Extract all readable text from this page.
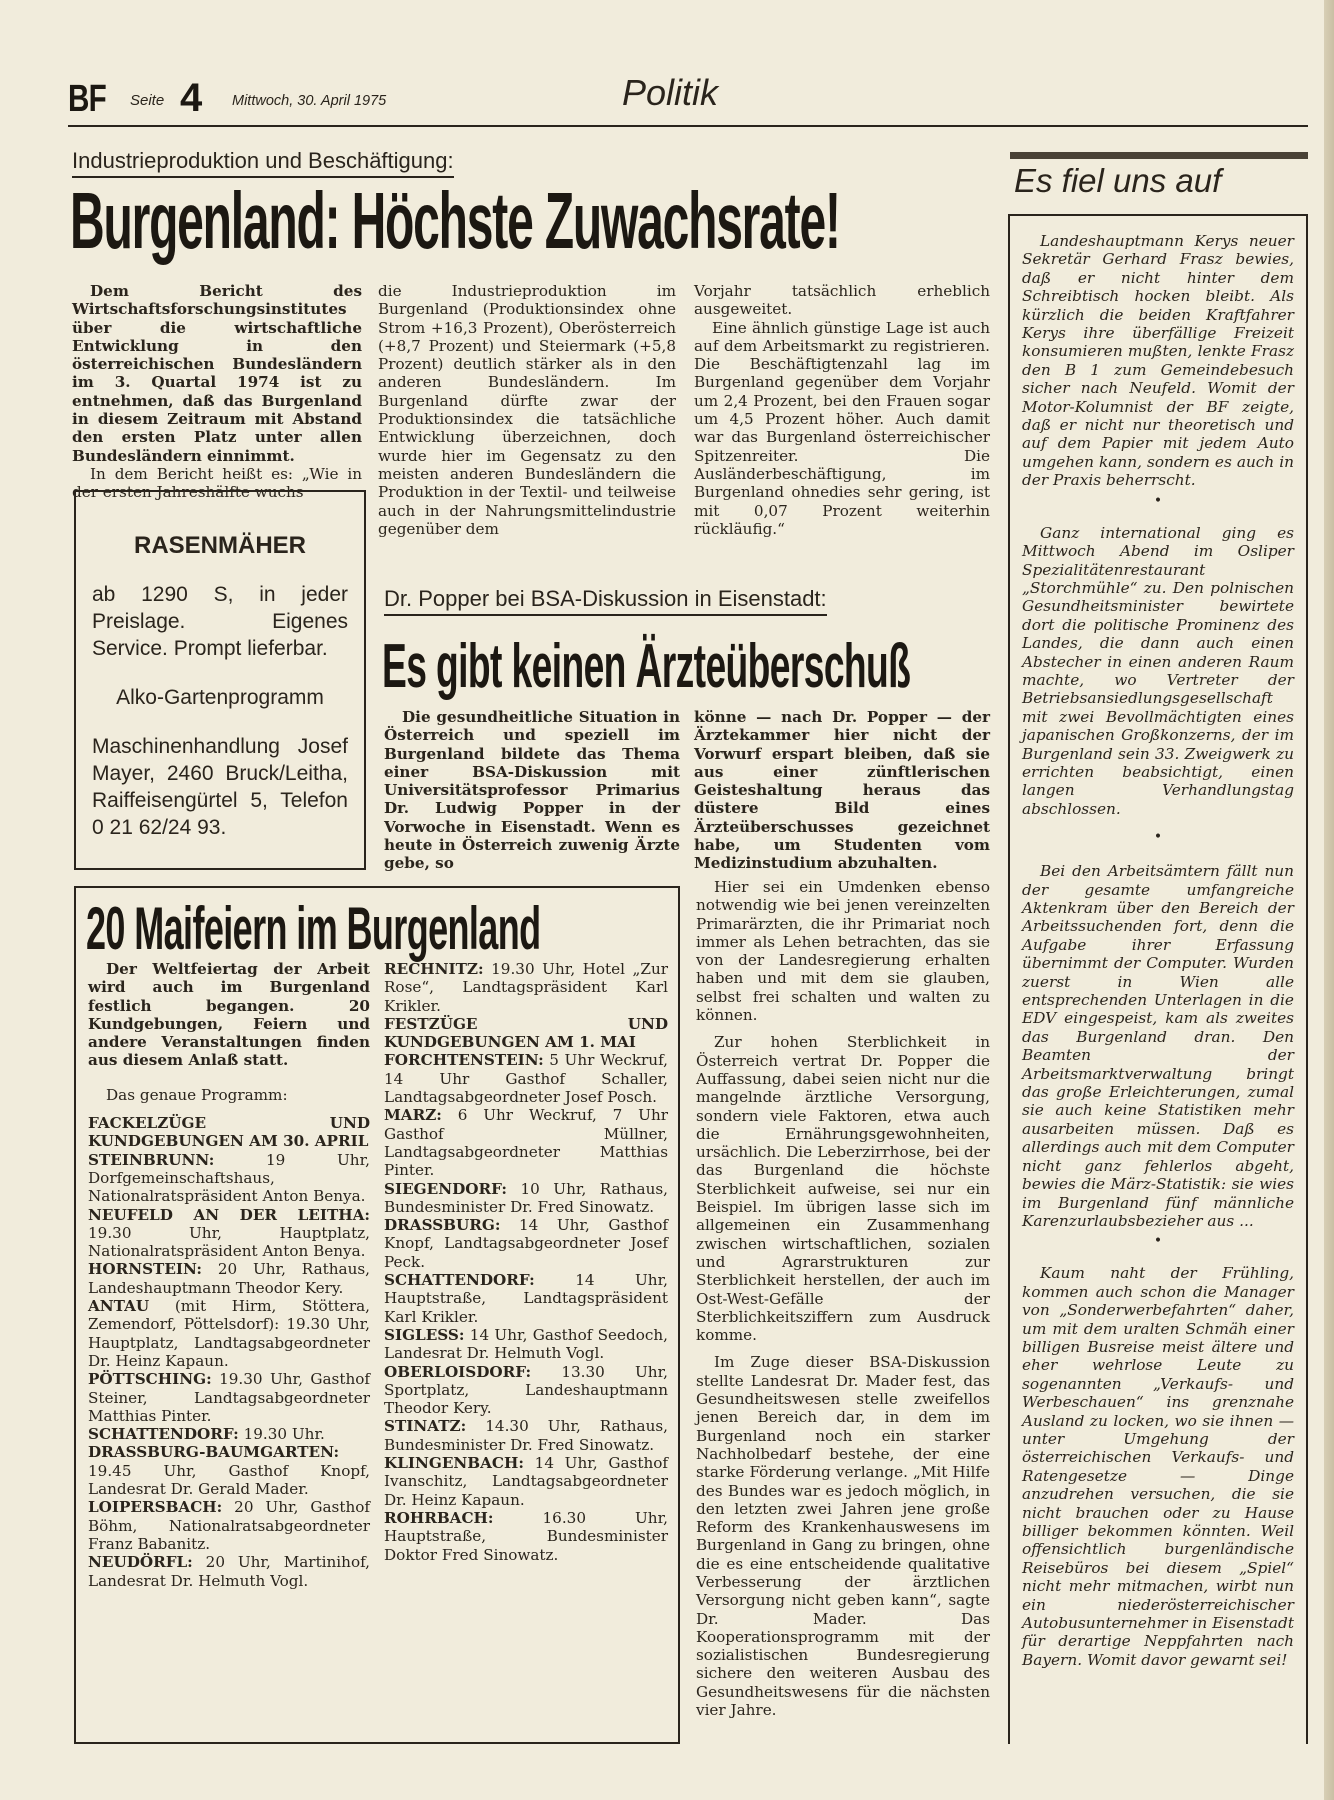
BF Seite 4 Mittwoch, 30. April 1975	Politik
Industrieproduktion und Beschäftigung:
Burgenland: Höchste Zuwachsrate!

Dem Bericht des Wirtschaftsforschungsinstitutes über die wirtschaftliche Entwicklung in den österreichischen Bundesländern im 3. Quartal 1974 ist zu entnehmen, daß das Burgenland in diesem Zeitraum mit Abstand den ersten Platz unter allen Bundesländern einnimmt.

In dem Bericht heißt es: „Wie in der ersten Jahreshälfte wuchs

die Industrieproduktion im Burgenland (Produktionsindex ohne Strom +16,3 Prozent), Oberösterreich (+8,7 Prozent) und Steiermark (+5,8 Prozent) deutlich stärker als in den anderen Bundesländern. Im Burgenland dürfte zwar der Produktionsindex die tatsächliche Entwicklung überzeichnen, doch wurde hier im Gegensatz zu den meisten anderen Bundesländern die Produktion in der Textil- und teilweise auch in der Nahrungsmittelindustrie gegenüber dem

Vorjahr tatsächlich erheblich ausgeweitet.

Eine ähnlich günstige Lage ist auch auf dem Arbeitsmarkt zu registrieren. Die Beschäftigtenzahl lag im Burgenland gegenüber dem Vorjahr um 2,4 Prozent, bei den Frauen sogar um 4,5 Prozent höher. Auch damit war das Burgenland österreichischer Spitzenreiter. Die Ausländerbeschäftigung, im Burgenland ohnedies sehr gering, ist mit 0,07 Prozent weiterhin rückläufig.“

RASENMÄHER
ab 1290 S, in jeder Preislage. Eigenes Service. Prompt lieferbar.
Alko-Gartenprogramm
Maschinenhandlung Josef Mayer, 2460 Bruck/Leitha, Raiffeisengürtel 5, Telefon 0 21 62/24 93.
Dr. Popper bei BSA-Diskussion in Eisenstadt:
Es gibt keinen Ärzteüberschuß

Die gesundheitliche Situation in Österreich und speziell im Burgenland bildete das Thema einer BSA-Diskussion mit Universitätsprofessor Primarius Dr. Ludwig Popper in der Vorwoche in Eisenstadt. Wenn es heute in Österreich zuwenig Ärzte gebe, so

könne — nach Dr. Popper — der Ärztekammer hier nicht der Vorwurf erspart bleiben, daß sie aus einer zünftlerischen Geisteshaltung heraus das düstere Bild eines Ärzteüberschusses gezeichnet habe, um Studenten vom Medizinstudium abzuhalten.

Hier sei ein Umdenken ebenso notwendig wie bei jenen vereinzelten Primarärzten, die ihr Primariat noch immer als Lehen betrachten, das sie von der Landesregierung erhalten haben und mit dem sie glauben, selbst frei schalten und walten zu können.

Zur hohen Sterblichkeit in Österreich vertrat Dr. Popper die Auffassung, dabei seien nicht nur die mangelnde ärztliche Versorgung, sondern viele Faktoren, etwa auch die Ernährungsgewohnheiten, ursächlich. Die Leberzirrhose, bei der das Burgenland die höchste Sterblichkeit aufweise, sei nur ein Beispiel. Im übrigen lasse sich im allgemeinen ein Zusammenhang zwischen wirtschaftlichen, sozialen und Agrarstrukturen zur Sterblichkeit herstellen, der auch im Ost-West-Gefälle der Sterblichkeitsziffern zum Ausdruck komme.

Im Zuge dieser BSA-Diskussion stellte Landesrat Dr. Mader fest, das Gesundheitswesen stelle zweifellos jenen Bereich dar, in dem im Burgenland noch ein starker Nachholbedarf bestehe, der eine starke Förderung verlange. „Mit Hilfe des Bundes war es jedoch möglich, in den letzten zwei Jahren jene große Reform des Krankenhauswesens im Burgenland in Gang zu bringen, ohne die es eine entscheidende qualitative Verbesserung der ärztlichen Versorgung nicht geben kann“, sagte Dr. Mader. Das Kooperationsprogramm mit der sozialistischen Bundesregierung sichere den weiteren Ausbau des Gesundheitswesens für die nächsten vier Jahre.

20 Maifeiern im Burgenland

Der Weltfeiertag der Arbeit wird auch im Burgenland festlich begangen. 20 Kundgebungen, Feiern und andere Veranstaltungen finden aus diesem Anlaß statt.

Das genaue Programm:

FACKELZÜGE UND KUNDGEBUNGEN AM 30. APRIL

STEINBRUNN: 19 Uhr, Dorfgemeinschaftshaus, Nationalratspräsident Anton Benya.

NEUFELD AN DER LEITHA: 19.30 Uhr, Hauptplatz, Nationalratspräsident Anton Benya.

HORNSTEIN: 20 Uhr, Rathaus, Landeshauptmann Theodor Kery.

ANTAU (mit Hirm, Stöttera, Zemendorf, Pöttelsdorf): 19.30 Uhr, Hauptplatz, Landtagsabgeordneter Dr. Heinz Kapaun.

PÖTTSCHING: 19.30 Uhr, Gasthof Steiner, Landtagsabgeordneter Matthias Pinter.

SCHATTENDORF: 19.30 Uhr.

DRASSBURG-BAUMGARTEN: 19.45 Uhr, Gasthof Knopf, Landesrat Dr. Gerald Mader.

LOIPERSBACH: 20 Uhr, Gasthof Böhm, Nationalratsabgeordneter Franz Babanitz.

NEUDÖRFL: 20 Uhr, Martinihof, Landesrat Dr. Helmuth Vogl.

RECHNITZ: 19.30 Uhr, Hotel „Zur Rose“, Landtagspräsident Karl Krikler.

FESTZÜGE UND KUNDGEBUNGEN AM 1. MAI

FORCHTENSTEIN: 5 Uhr Weckruf, 14 Uhr Gasthof Schaller, Landtagsabgeordneter Josef Posch.

MARZ: 6 Uhr Weckruf, 7 Uhr Gasthof Müllner, Landtagsabgeordneter Matthias Pinter.

SIEGENDORF: 10 Uhr, Rathaus, Bundesminister Dr. Fred Sinowatz.

DRASSBURG: 14 Uhr, Gasthof Knopf, Landtagsabgeordneter Josef Peck.

SCHATTENDORF: 14 Uhr, Hauptstraße, Landtagspräsident Karl Krikler.

SIGLESS: 14 Uhr, Gasthof Seedoch, Landesrat Dr. Helmuth Vogl.

OBERLOISDORF: 13.30 Uhr, Sportplatz, Landeshauptmann Theodor Kery.

STINATZ: 14.30 Uhr, Rathaus, Bundesminister Dr. Fred Sinowatz.

KLINGENBACH: 14 Uhr, Gasthof Ivanschitz, Landtagsabgeordneter Dr. Heinz Kapaun.

ROHRBACH: 16.30 Uhr, Hauptstraße, Bundesminister Doktor Fred Sinowatz.

Es fiel uns auf

Landeshauptmann Kerys neuer Sekretär Gerhard Frasz bewies, daß er nicht hinter dem Schreibtisch hocken bleibt. Als kürzlich die beiden Kraftfahrer Kerys ihre überfällige Freizeit konsumieren mußten, lenkte Frasz den B 1 zum Gemeindebesuch sicher nach Neufeld. Womit der Motor-Kolumnist der BF zeigte, daß er nicht nur theoretisch und auf dem Papier mit jedem Auto umgehen kann, sondern es auch in der Praxis beherrscht.

•

Ganz international ging es Mittwoch Abend im Osliper Spezialitätenrestaurant „Storchmühle“ zu. Den polnischen Gesundheitsminister bewirtete dort die politische Prominenz des Landes, die dann auch einen Abstecher in einen anderen Raum machte, wo Vertreter der Betriebsansiedlungsgesellschaft mit zwei Bevollmächtigten eines japanischen Großkonzerns, der im Burgenland sein 33. Zweigwerk zu errichten beabsichtigt, einen langen Verhandlungstag abschlossen.

•

Bei den Arbeitsämtern fällt nun der gesamte umfangreiche Aktenkram über den Bereich der Arbeitssuchenden fort, denn die Aufgabe ihrer Erfassung übernimmt der Computer. Wurden zuerst in Wien alle entsprechenden Unterlagen in die EDV eingespeist, kam als zweites das Burgenland dran. Den Beamten der Arbeitsmarktverwaltung bringt das große Erleichterungen, zumal sie auch keine Statistiken mehr ausarbeiten müssen. Daß es allerdings auch mit dem Computer nicht ganz fehlerlos abgeht, bewies die März-Statistik: sie wies im Burgenland fünf männliche Karenzurlaubsbezieher aus ...

•

Kaum naht der Frühling, kommen auch schon die Manager von „Sonderwerbefahrten“ daher, um mit dem uralten Schmäh einer billigen Busreise meist ältere und eher wehrlose Leute zu sogenannten „Verkaufs- und Werbeschauen“ ins grenznahe Ausland zu locken, wo sie ihnen — unter Umgehung der österreichischen Verkaufs- und Ratengesetze — Dinge anzudrehen versuchen, die sie nicht brauchen oder zu Hause billiger bekommen könnten. Weil offensichtlich burgenländische Reisebüros bei diesem „Spiel“ nicht mehr mitmachen, wirbt nun ein niederösterreichischer Autobusunternehmer in Eisenstadt für derartige Neppfahrten nach Bayern. Womit davor gewarnt sei!
